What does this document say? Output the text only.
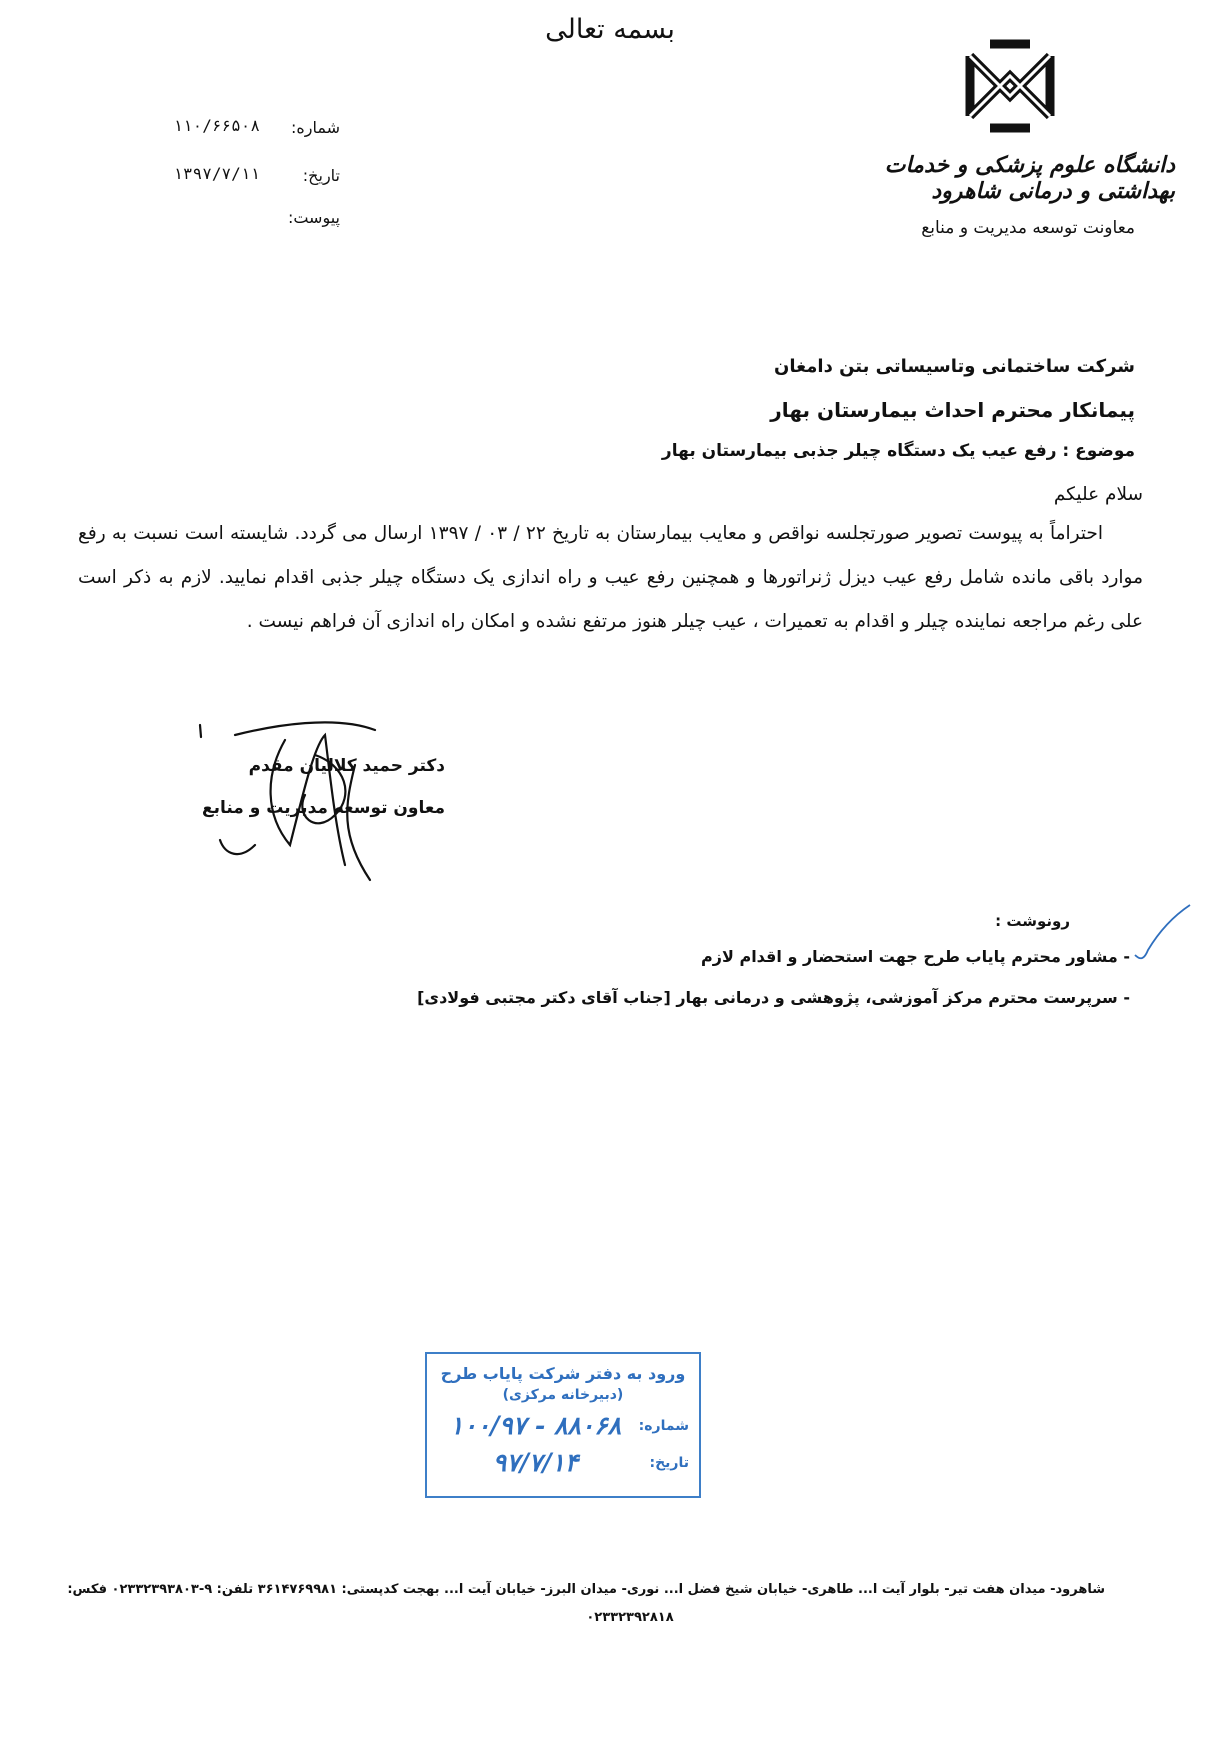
بسمه تعالی
دانشگاه علوم پزشکی و خدمات بهداشتی و درمانی شاهرود
معاونت توسعه مدیریت و منابع
شماره:
۱۱۰/۶۶۵۰۸
تاریخ:
۱۳۹۷/۷/۱۱
پیوست:
شرکت ساختمانی وتاسیساتی بتن دامغان
پیمانکار محترم احداث بیمارستان بهار
موضوع : رفع عیب یک دستگاه چیلر جذبی بیمارستان بهار
سلام علیکم

احتراماً به پیوست تصویر صورتجلسه نواقص و معایب بیمارستان به تاریخ ۲۲ / ۰۳ / ۱۳۹۷ ارسال می گردد. شایسته است نسبت به رفع موارد باقی مانده شامل رفع عیب دیزل ژنراتورها و همچنین رفع عیب و راه اندازی یک دستگاه چیلر جذبی اقدام نمایید. لازم به ذکر است علی رغم مراجعه نماینده چیلر و اقدام به تعمیرات ، عیب چیلر هنوز مرتفع نشده و امکان راه اندازی آن فراهم نیست .

دکتر حمید کلالیان مقدم
معاون توسعه مدیریت و منابع
رونوشت :
- مشاور محترم پایاب طرح جهت استحضار و اقدام لازم
- سرپرست محترم مرکز آموزشی، پژوهشی و درمانی بهار [جناب آقای دکتر مجتبی فولادی]
ورود به دفتر شرکت پایاب طرح
(دبیرخانه مرکزی)
شماره:
۱۰۰/۹۷ - ۸۸۰۶۸
تاریخ:
۹۷/۷/۱۴
شاهرود- میدان هفت تیر- بلوار آیت ا... طاهری- خیابان شیخ فضل ا... نوری- میدان البرز- خیابان آیت ا... بهجت کدپستی: ۳۶۱۴۷۶۹۹۸۱ تلفن: ۹-۰۲۳۳۲۳۹۳۸۰۳ فکس:
۰۲۳۳۲۳۹۲۸۱۸
